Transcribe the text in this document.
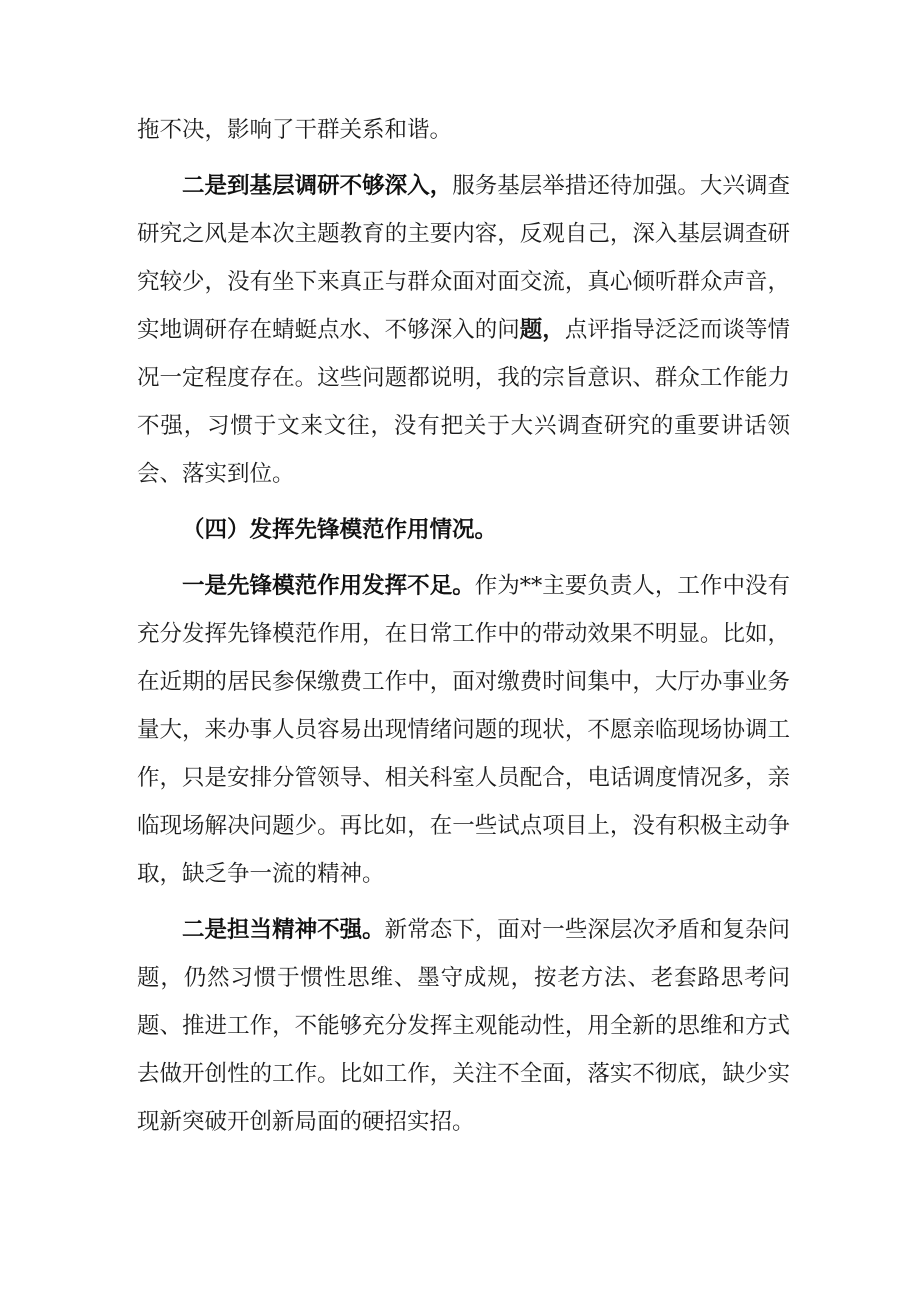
拖不决，影响了干群关系和谐。

二是到基层调研不够深入，服务基层举措还待加强。大兴调查研究之风是本次主题教育的主要内容，反观自己，深入基层调查研究较少，没有坐下来真正与群众面对面交流，真心倾听群众声音，实地调研存在蜻蜓点水、不够深入的问题，点评指导泛泛而谈等情况一定程度存在。这些问题都说明，我的宗旨意识、群众工作能力不强，习惯于文来文往，没有把关于大兴调查研究的重要讲话领会、落实到位。

（四）发挥先锋模范作用情况。

一是先锋模范作用发挥不足。作为**主要负责人，工作中没有充分发挥先锋模范作用，在日常工作中的带动效果不明显。比如，在近期的居民参保缴费工作中，面对缴费时间集中，大厅办事业务量大，来办事人员容易出现情绪问题的现状，不愿亲临现场协调工作，只是安排分管领导、相关科室人员配合，电话调度情况多，亲临现场解决问题少。再比如，在一些试点项目上，没有积极主动争取，缺乏争一流的精神。

二是担当精神不强。新常态下，面对一些深层次矛盾和复杂问题，仍然习惯于惯性思维、墨守成规，按老方法、老套路思考问题、推进工作，不能够充分发挥主观能动性，用全新的思维和方式去做开创性的工作。比如工作，关注不全面，落实不彻底，缺少实现新突破开创新局面的硬招实招。
